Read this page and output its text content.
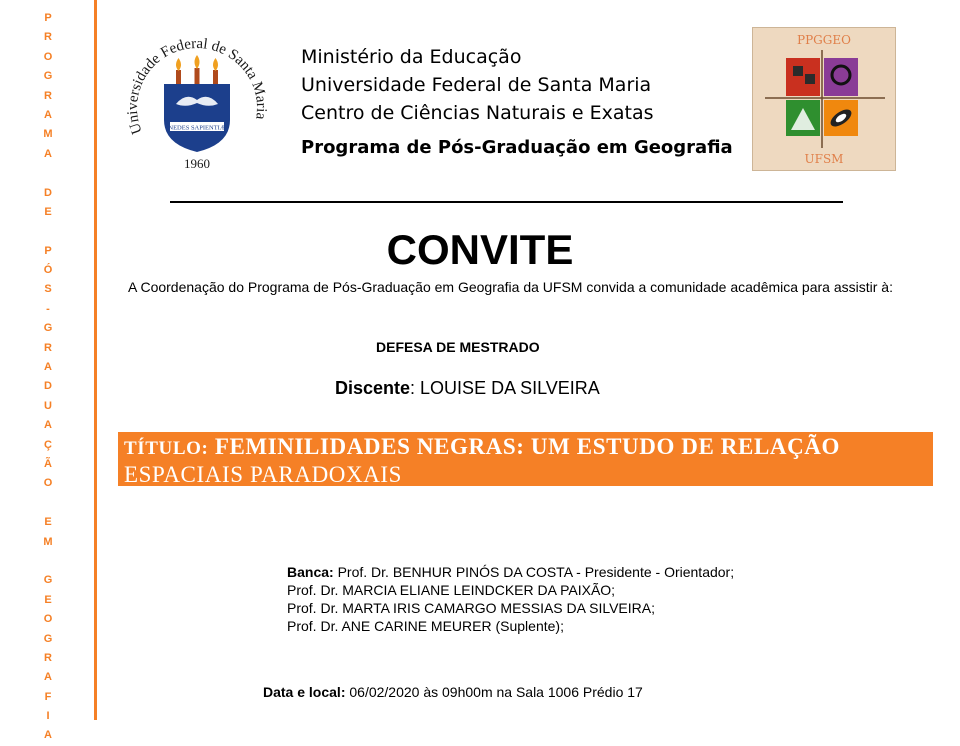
P
R
O
G
R
A
M
A
D
E
P
Ó
S
-
G
R
A
D
U
A
Ç
Ã
O
E
M
G
E
O
G
R
A
F
I
A
Universidade Federal de Santa Maria
NEDES SAPIENTIÆ
1960
Ministério da Educação
Universidade Federal de Santa Maria
Centro de Ciências Naturais e Exatas
Programa de Pós-Graduação em Geografia
PPGGEO
UFSM
CONVITE
A Coordenação do Programa de Pós-Graduação em Geografia da UFSM convida a comunidade acadêmica para assistir à:
DEFESA DE MESTRADO
Discente: LOUISE DA SILVEIRA
TÍTULO: FEMINILIDADES NEGRAS: UM ESTUDO DE RELAÇÃO
ESPACIAIS PARADOXAIS
Banca: Prof. Dr. BENHUR PINÓS DA COSTA - Presidente - Orientador;
Prof. Dr. MARCIA ELIANE LEINDCKER DA PAIXÃO;
Prof. Dr. MARTA IRIS CAMARGO MESSIAS DA SILVEIRA;
Prof. Dr. ANE CARINE MEURER (Suplente);
Data e local: 06/02/2020 às 09h00m na Sala 1006 Prédio 17
